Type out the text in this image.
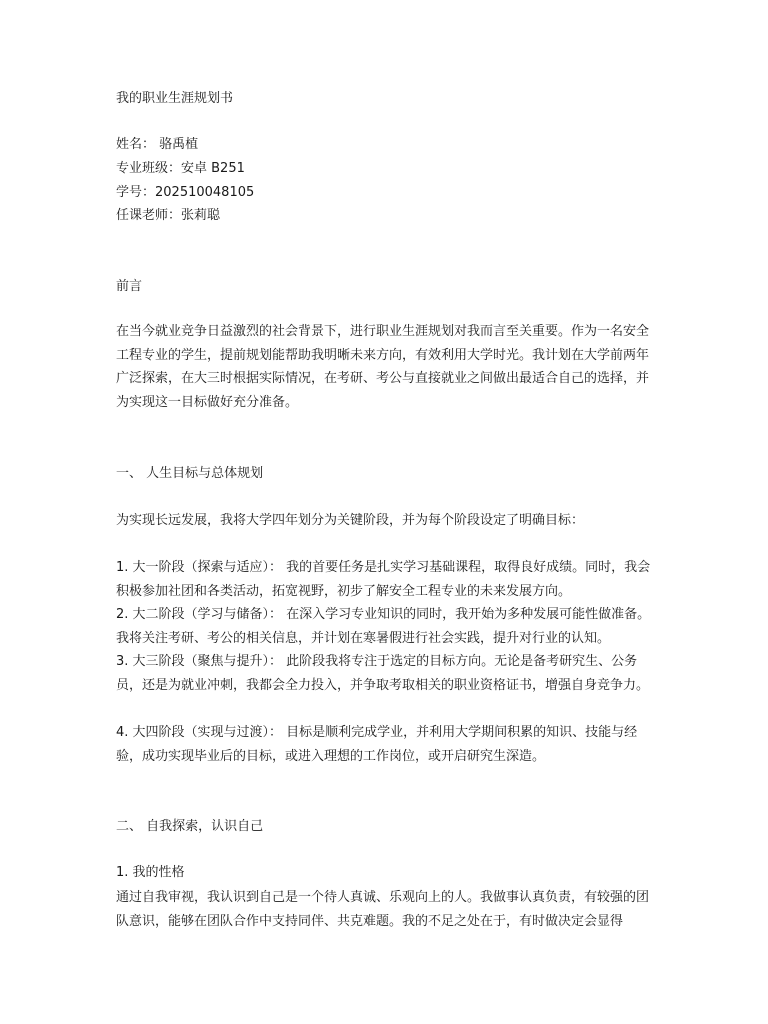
我的职业生涯规划书
姓名： 骆禹植
专业班级：安卓 B251
学号：202510048105
任课老师：张莉聪
前言
在当今就业竞争日益激烈的社会背景下，进行职业生涯规划对我而言至关重要。作为一名安全工程专业的学生，提前规划能帮助我明晰未来方向，有效利用大学时光。我计划在大学前两年广泛探索，在大三时根据实际情况，在考研、考公与直接就业之间做出最适合自己的选择，并为实现这一目标做好充分准备。
一、 人生目标与总体规划
为实现长远发展，我将大学四年划分为关键阶段，并为每个阶段设定了明确目标：
1. 大一阶段（探索与适应）： 我的首要任务是扎实学习基础课程，取得良好成绩。同时，我会积极参加社团和各类活动，拓宽视野，初步了解安全工程专业的未来发展方向。
2. 大二阶段（学习与储备）： 在深入学习专业知识的同时，我开始为多种发展可能性做准备。我将关注考研、考公的相关信息，并计划在寒暑假进行社会实践，提升对行业的认知。
3. 大三阶段（聚焦与提升）： 此阶段我将专注于选定的目标方向。无论是备考研究生、公务员，还是为就业冲刺，我都会全力投入，并争取考取相关的职业资格证书，增强自身竞争力。
4. 大四阶段（实现与过渡）： 目标是顺利完成学业，并利用大学期间积累的知识、技能与经验，成功实现毕业后的目标，或进入理想的工作岗位，或开启研究生深造。
二、 自我探索，认识自己
1. 我的性格
通过自我审视，我认识到自己是一个待人真诚、乐观向上的人。我做事认真负责，有较强的团队意识，能够在团队合作中支持同伴、共克难题。我的不足之处在于，有时做决定会显得
